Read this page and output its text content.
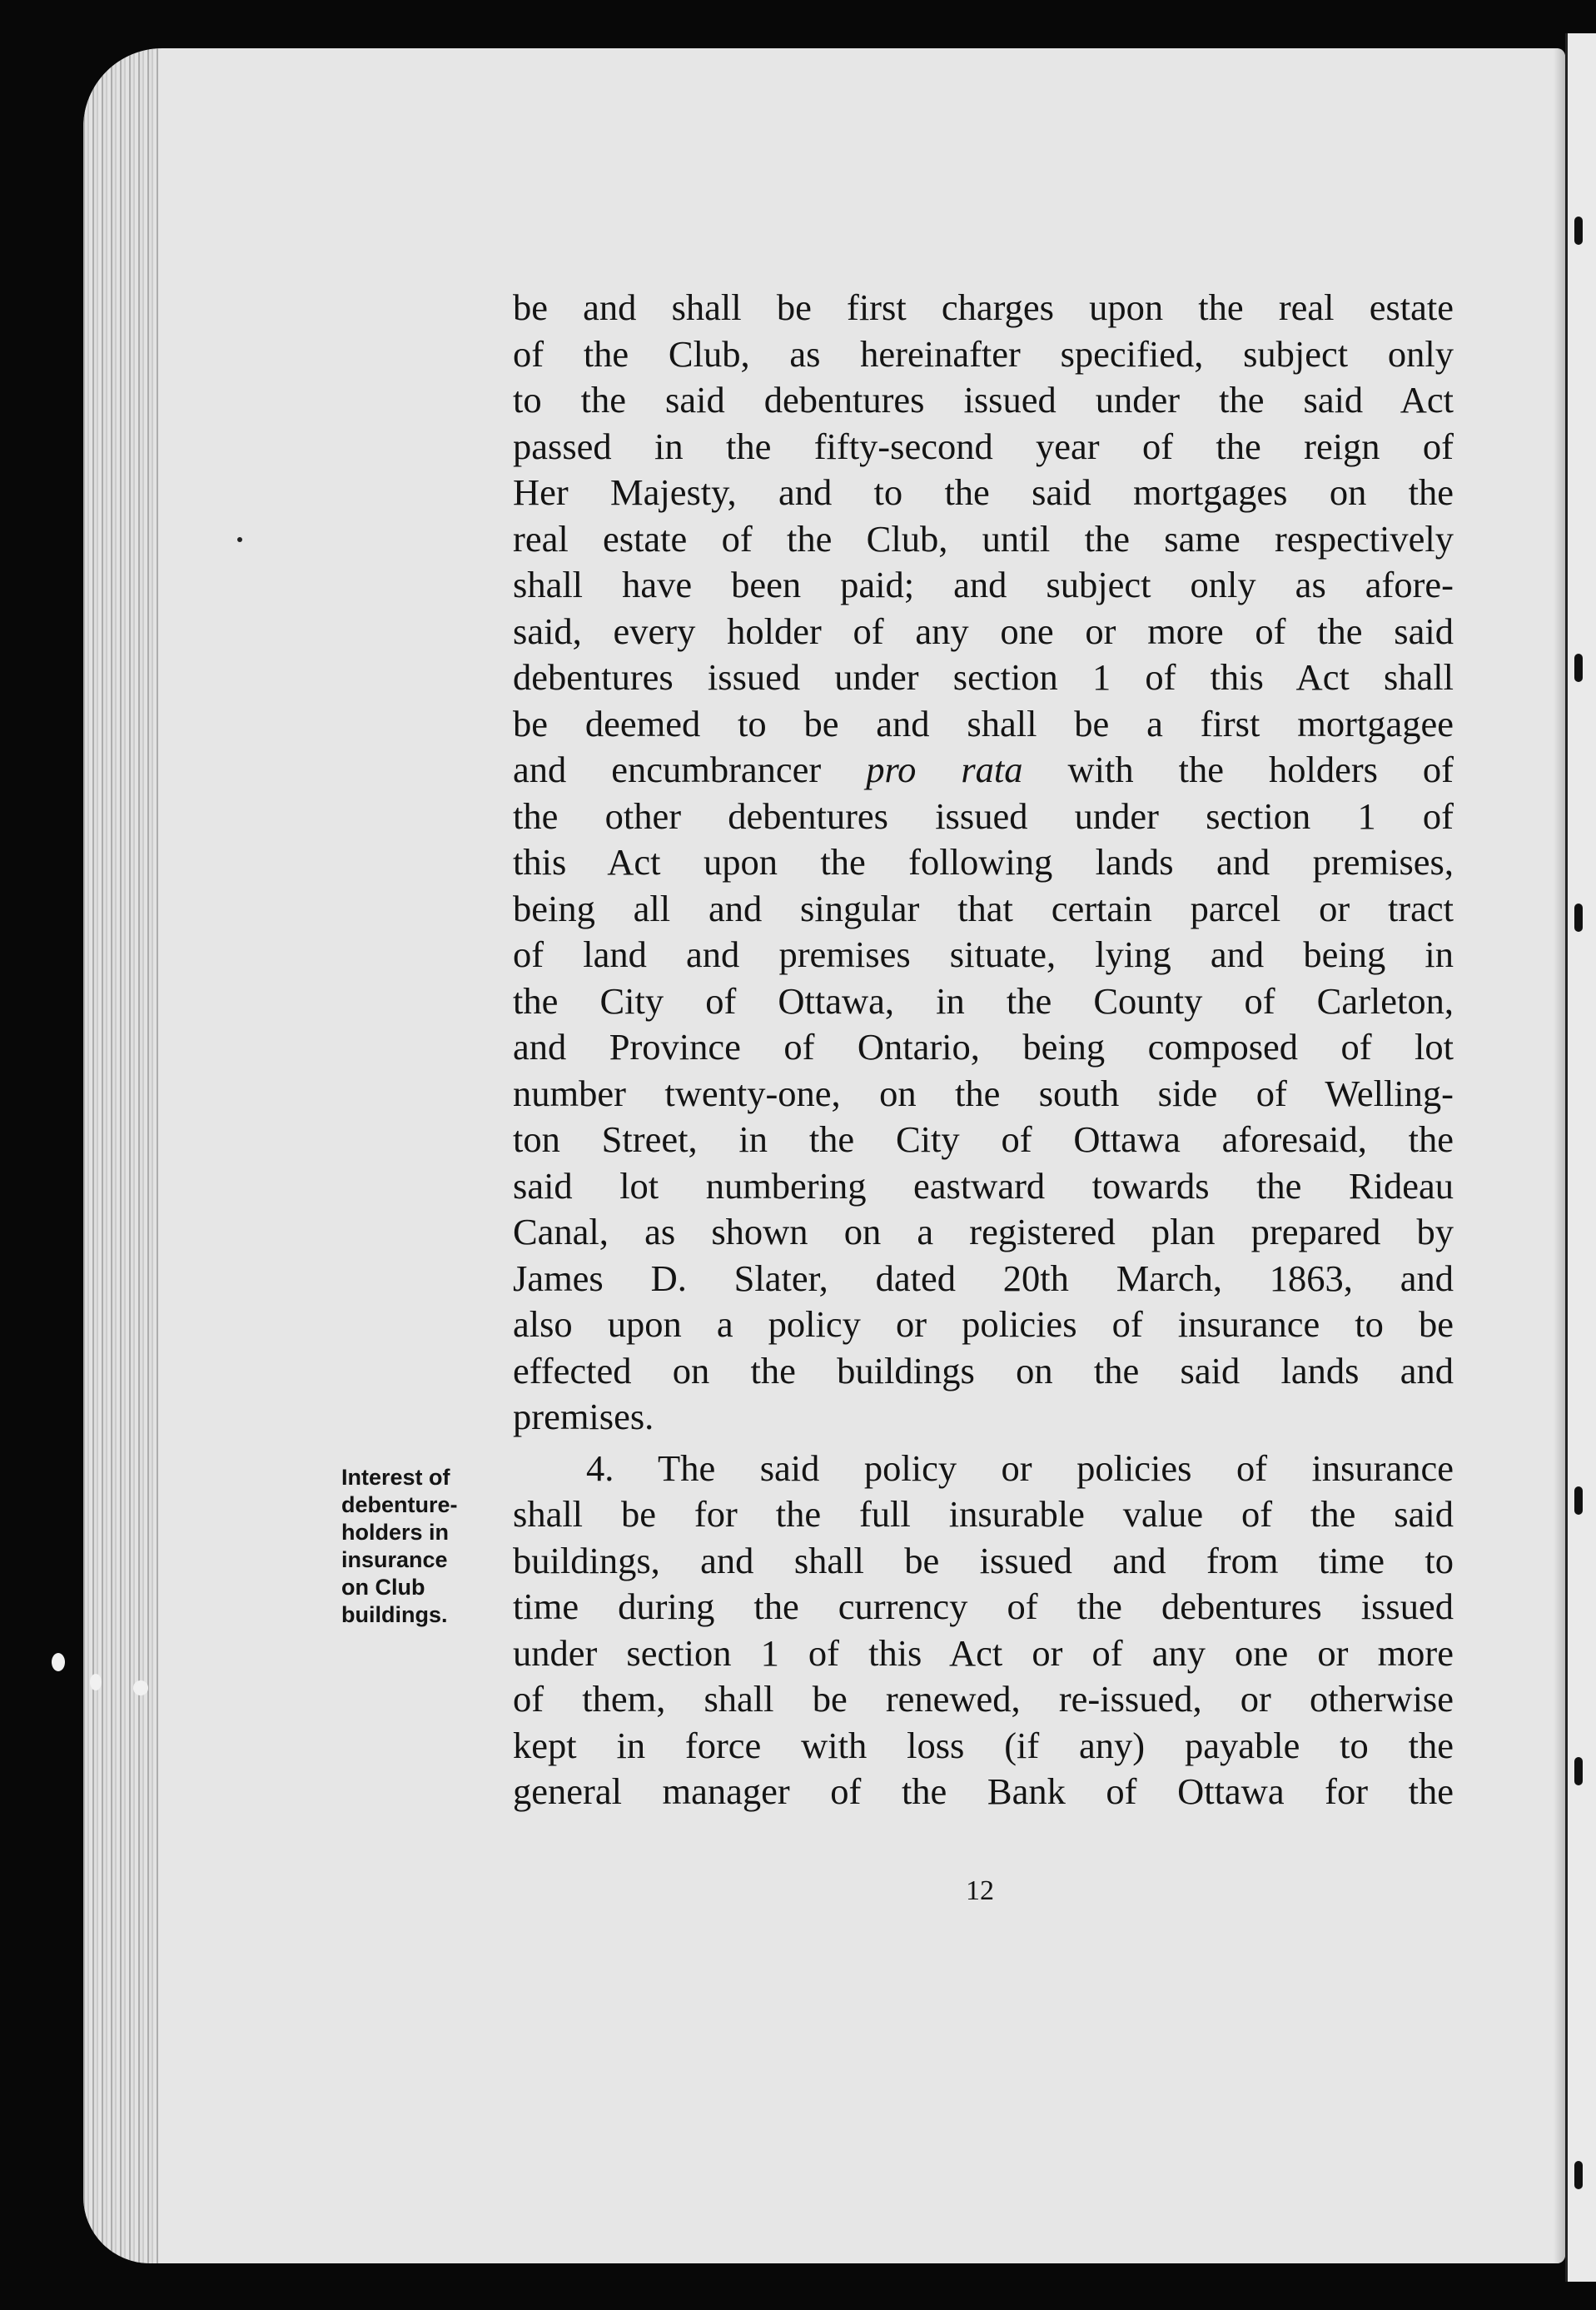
be and shall be first charges upon the real estate
of the Club, as hereinafter specified, subject only
to the said debentures issued under the said Act
passed in the fifty-second year of the reign of
Her Majesty, and to the said mortgages on the
real estate of the Club, until the same respectively
shall have been paid; and subject only as afore-
said, every holder of any one or more of the said
debentures issued under section 1 of this Act shall
be deemed to be and shall be a first mortgagee
and encumbrancer pro rata with the holders of
the other debentures issued under section 1 of
this Act upon the following lands and premises,
being all and singular that certain parcel or tract
of land and premises situate, lying and being in
the City of Ottawa, in the County of Carleton,
and Province of Ontario, being composed of lot
number twenty-one, on the south side of Welling-
ton Street, in the City of Ottawa aforesaid, the
said lot numbering eastward towards the Rideau
Canal, as shown on a registered plan prepared by
James D. Slater, dated 20th March, 1863, and
also upon a policy or policies of insurance to be
effected on the buildings on the said lands and
premises.
4. The said policy or policies of insurance
shall be for the full insurable value of the said
buildings, and shall be issued and from time to
time during the currency of the debentures issued
under section 1 of this Act or of any one or more
of them, shall be renewed, re-issued, or otherwise
kept in force with loss (if any) payable to the
general manager of the Bank of Ottawa for the
Interest of
debenture-
holders in
insurance
on Club
buildings.
12
